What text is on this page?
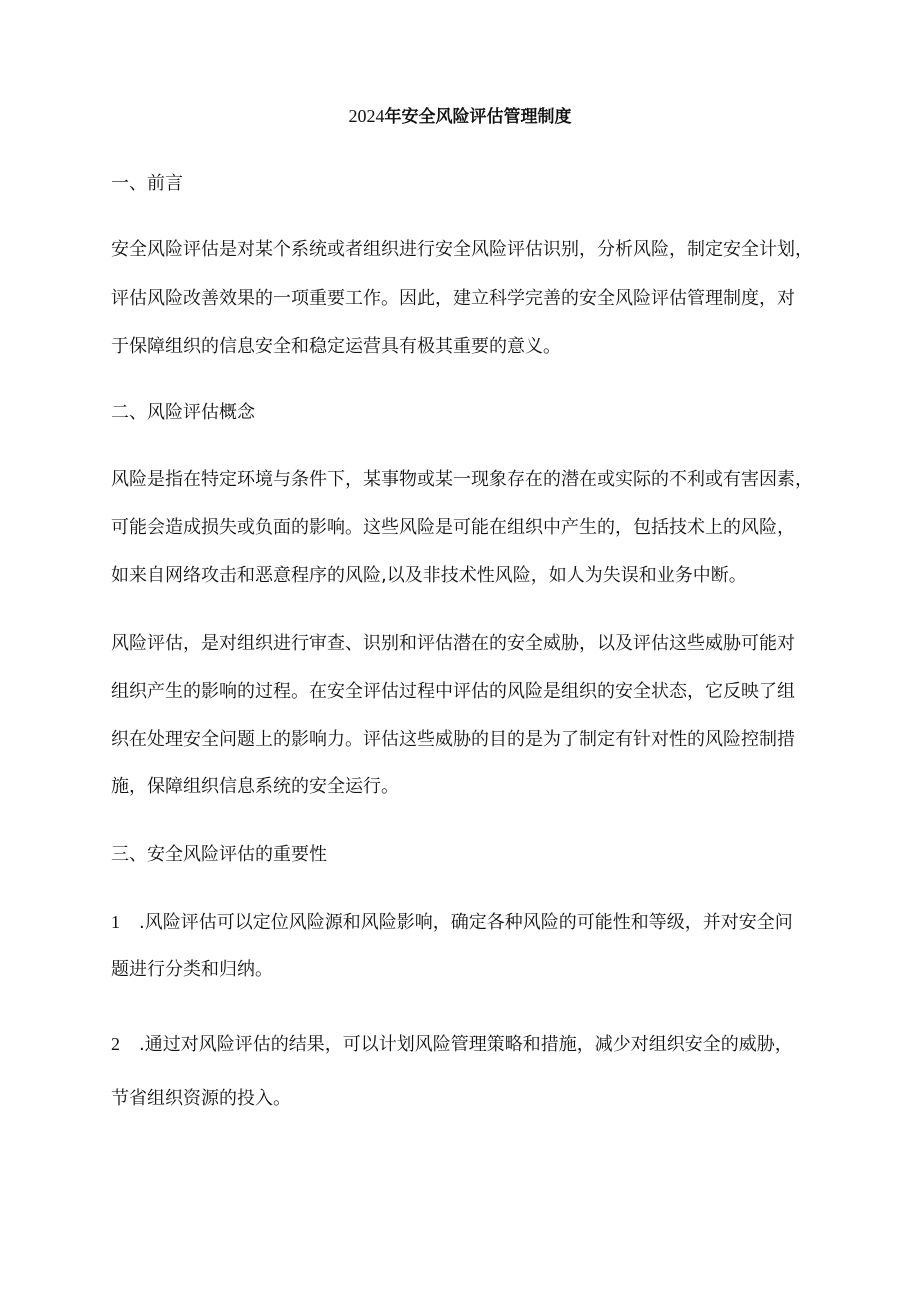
2024年安全风险评估管理制度
一、前言

安全风险评估是对某个系统或者组织进行安全风险评估识别，分析风险，制定安全计划，

评估风险改善效果的一项重要工作。因此，建立科学完善的安全风险评估管理制度，对

于保障组织的信息安全和稳定运营具有极其重要的意义。

二、风险评估概念

风险是指在特定环境与条件下，某事物或某一现象存在的潜在或实际的不利或有害因素，

可能会造成损失或负面的影响。这些风险是可能在组织中产生的，包括技术上的风险，

如来自网络攻击和恶意程序的风险,以及非技术性风险，如人为失误和业务中断。

风险评估，是对组织进行审查、识别和评估潜在的安全威胁，以及评估这些威胁可能对

组织产生的影响的过程。在安全评估过程中评估的风险是组织的安全状态，它反映了组

织在处理安全问题上的影响力。评估这些威胁的目的是为了制定有针对性的风险控制措

施，保障组织信息系统的安全运行。

三、安全风险评估的重要性

1 .风险评估可以定位风险源和风险影响，确定各种风险的可能性和等级，并对安全问

题进行分类和归纳。

2 .通过对风险评估的结果，可以计划风险管理策略和措施，减少对组织安全的威胁，

节省组织资源的投入。
